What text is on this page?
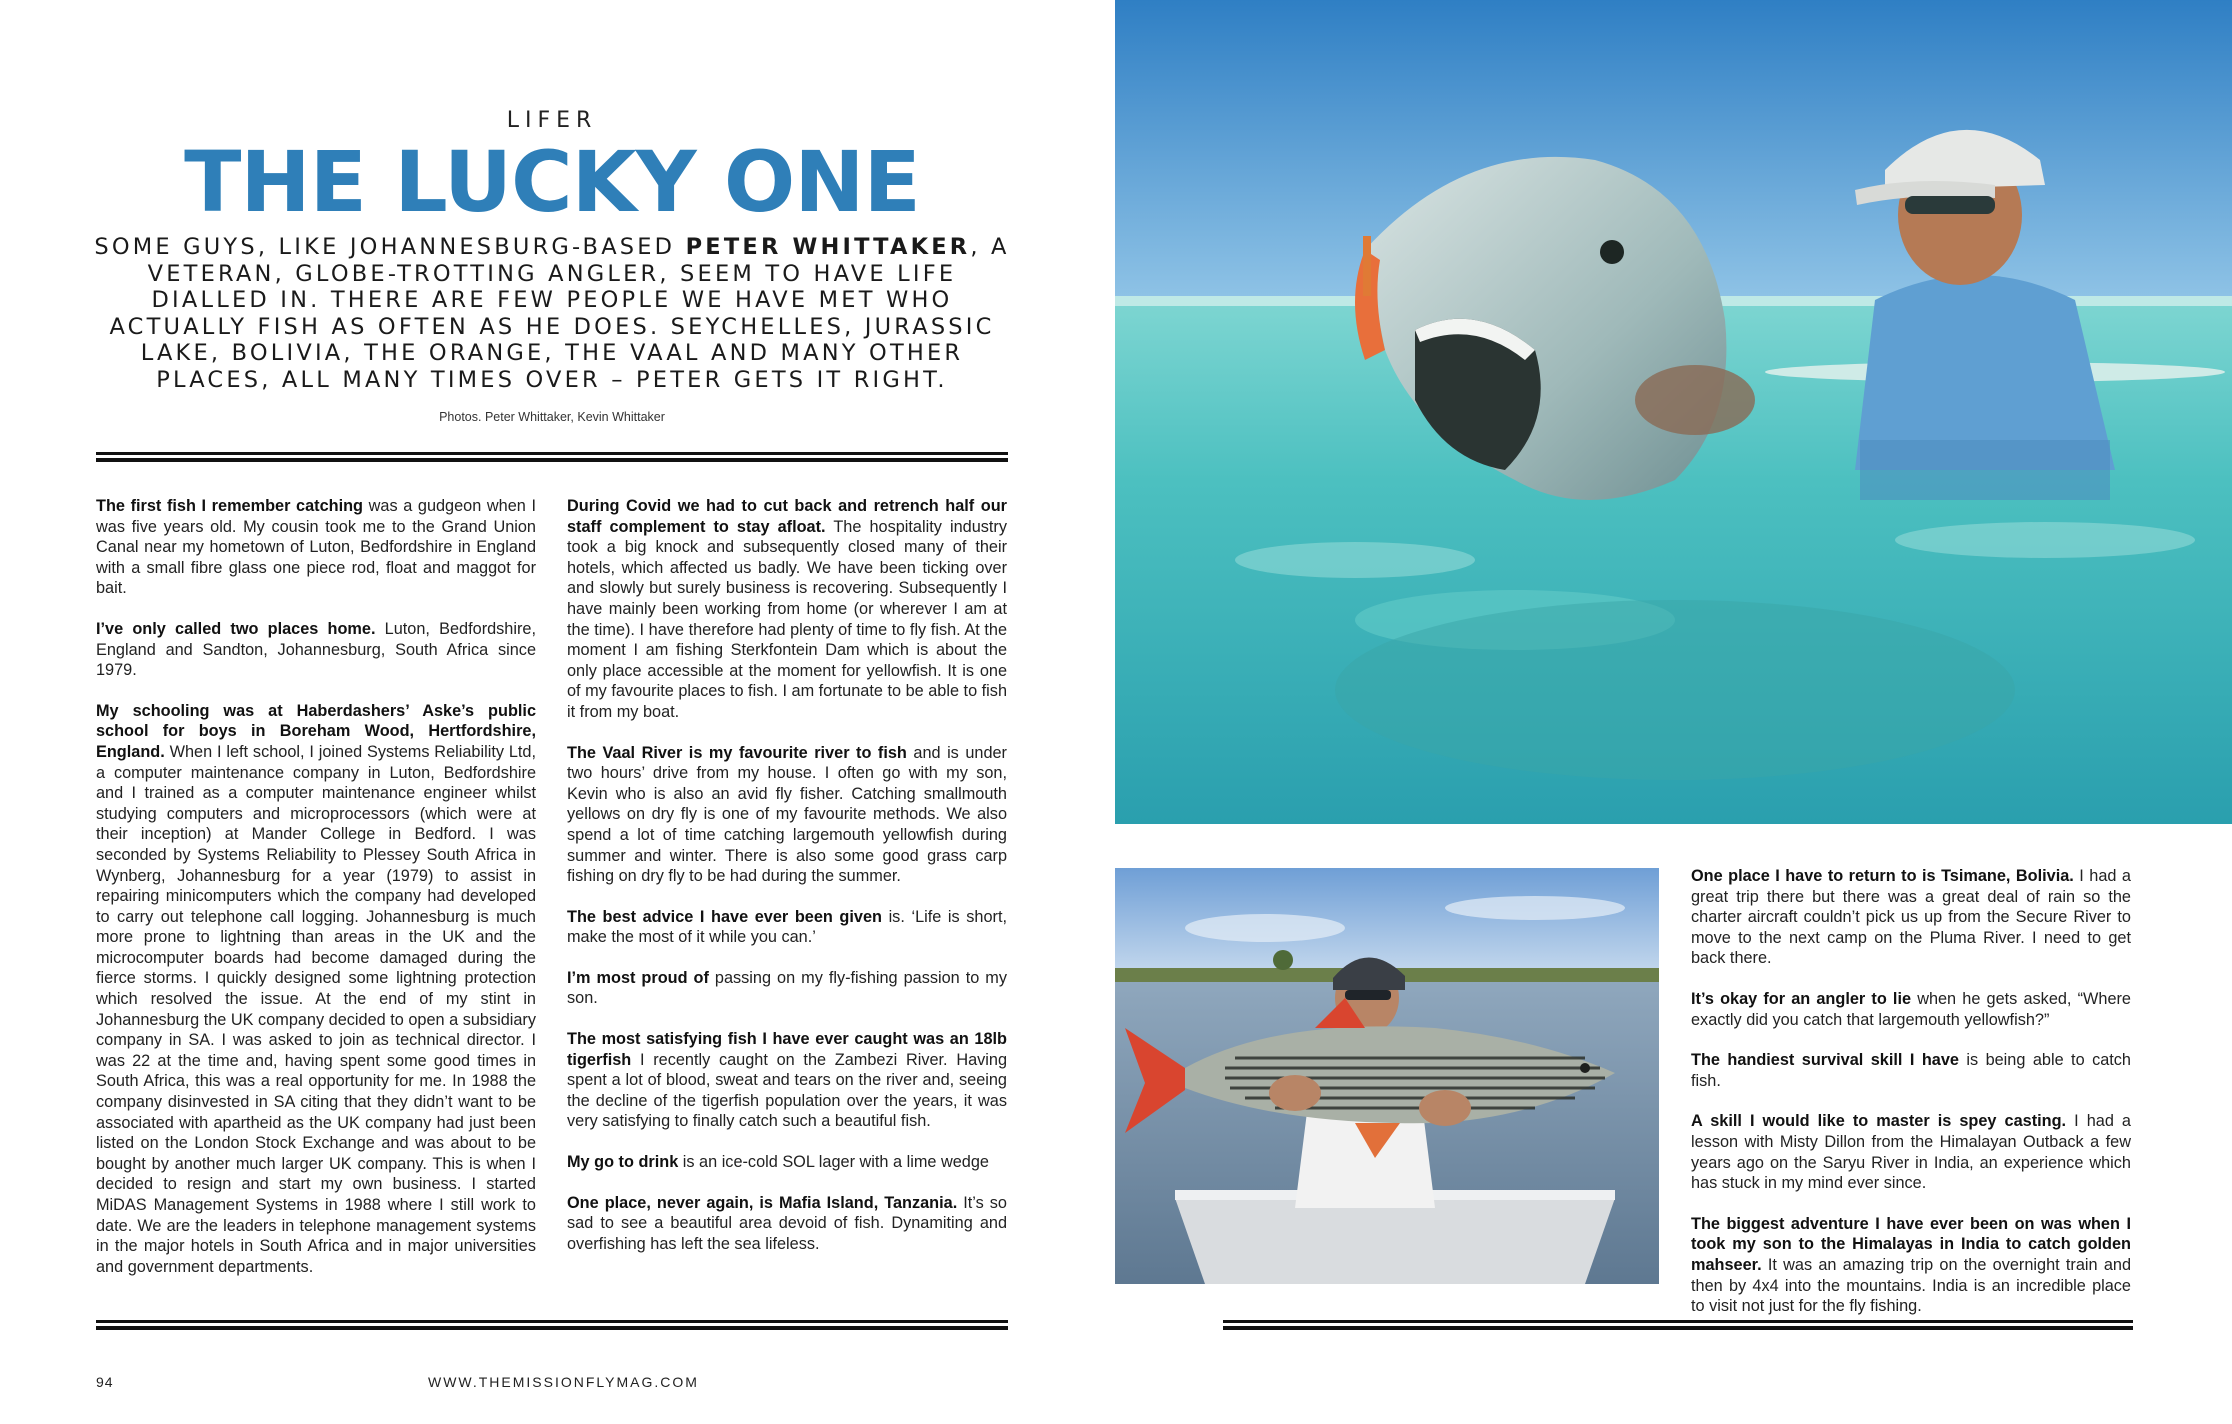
LIFER
THE LUCKY ONE
SOME GUYS, LIKE JOHANNESBURG-BASED PETER WHITTAKER, A VETERAN, GLOBE-TROTTING ANGLER, SEEM TO HAVE LIFE DIALLED IN. THERE ARE FEW PEOPLE WE HAVE MET WHO ACTUALLY FISH AS OFTEN AS HE DOES. SEYCHELLES, JURASSIC LAKE, BOLIVIA, THE ORANGE, THE VAAL AND MANY OTHER PLACES, ALL MANY TIMES OVER – PETER GETS IT RIGHT.
Photos. Peter Whittaker, Kevin Whittaker

The first fish I remember catching was a gudgeon when I was five years old. My cousin took me to the Grand Union Canal near my hometown of Luton, Bedfordshire in England with a small fibre glass one piece rod, float and maggot for bait.

I’ve only called two places home. Luton, Bedfordshire, England and Sandton, Johannesburg, South Africa since 1979.

My schooling was at Haberdashers’ Aske’s public school for boys in Boreham Wood, Hertfordshire, England. When I left school, I joined Systems Reliability Ltd, a computer maintenance company in Luton, Bedfordshire and I trained as a computer maintenance engineer whilst studying computers and microprocessors (which were at their inception) at Mander College in Bedford. I was seconded by Systems Reliability to Plessey South Africa in Wynberg, Johannesburg for a year (1979) to assist in repairing minicomputers which the company had developed to carry out telephone call logging. Johannesburg is much more prone to lightning than areas in the UK and the microcomputer boards had become damaged during the fierce storms. I quickly designed some lightning protection which resolved the issue. At the end of my stint in Johannesburg the UK company decided to open a subsidiary company in SA. I was asked to join as technical director. I was 22 at the time and, having spent some good times in South Africa, this was a real opportunity for me. In 1988 the company disinvested in SA citing that they didn’t want to be associated with apartheid as the UK company had just been listed on the London Stock Exchange and was about to be bought by another much larger UK company. This is when I decided to resign and start my own business. I started MiDAS Management Systems in 1988 where I still work to date. We are the leaders in telephone management systems in the major hotels in South Africa and in major universities and government departments.

During Covid we had to cut back and retrench half our staff complement to stay afloat. The hospitality industry took a big knock and subsequently closed many of their hotels, which affected us badly. We have been ticking over and slowly but surely business is recovering. Subsequently I have mainly been working from home (or wherever I am at the time). I have therefore had plenty of time to fly fish. At the moment I am fishing Sterkfontein Dam which is about the only place accessible at the moment for yellowfish. It is one of my favourite places to fish. I am fortunate to be able to fish it from my boat.

The Vaal River is my favourite river to fish and is under two hours’ drive from my house. I often go with my son, Kevin who is also an avid fly fisher. Catching smallmouth yellows on dry fly is one of my favourite methods. We also spend a lot of time catching largemouth yellowfish during summer and winter. There is also some good grass carp fishing on dry fly to be had during the summer.

The best advice I have ever been given is. ‘Life is short, make the most of it while you can.’

I’m most proud of passing on my fly-fishing passion to my son.

The most satisfying fish I have ever caught was an 18lb tigerfish I recently caught on the Zambezi River. Having spent a lot of blood, sweat and tears on the river and, seeing the decline of the tigerfish population over the years, it was very satisfying to finally catch such a beautiful fish.

My go to drink is an ice-cold SOL lager with a lime wedge

One place, never again, is Mafia Island, Tanzania. It’s so sad to see a beautiful area devoid of fish. Dynamiting and overfishing has left the sea lifeless.

One place I have to return to is Tsimane, Bolivia. I had a great trip there but there was a great deal of rain so the charter aircraft couldn’t pick us up from the Secure River to move to the next camp on the Pluma River. I need to get back there.

It’s okay for an angler to lie when he gets asked, “Where exactly did you catch that largemouth yellowfish?”

The handiest survival skill I have is being able to catch fish.

A skill I would like to master is spey casting. I had a lesson with Misty Dillon from the Himalayan Outback a few years ago on the Saryu River in India, an experience which has stuck in my mind ever since.

The biggest adventure I have ever been on was when I took my son to the Himalayas in India to catch golden mahseer. It was an amazing trip on the overnight train and then by 4x4 into the mountains. India is an incredible place to visit not just for the fly fishing.

94	WWW.THEMISSIONFLYMAG.COM
